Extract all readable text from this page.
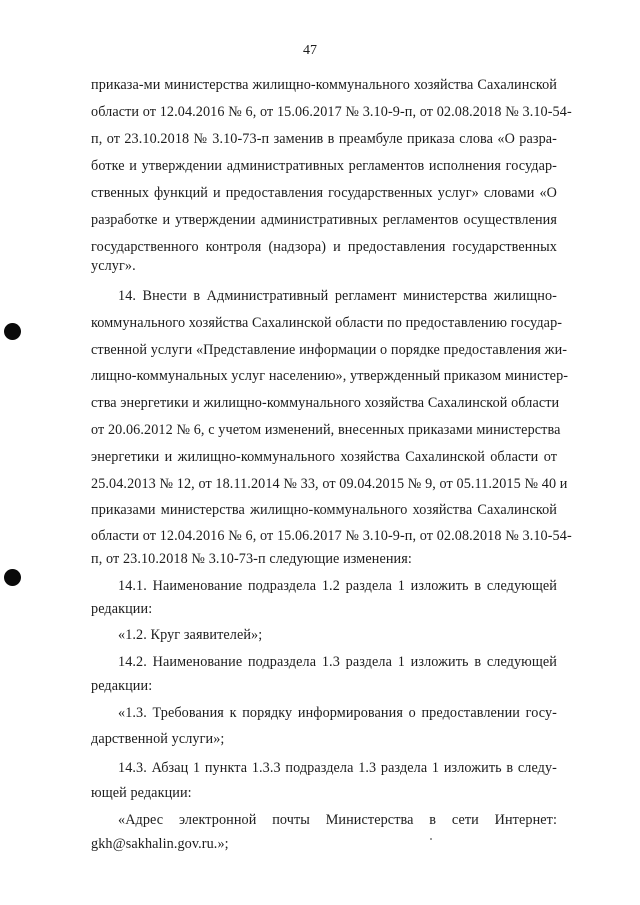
47
приказа-ми министерства жилищно-коммунального хозяйства Сахалинской
области от 12.04.2016 № 6, от 15.06.2017 № 3.10-9-п, от 02.08.2018 № 3.10-54-
п, от 23.10.2018 № 3.10-73-п заменив в преамбуле приказа слова «О разра-
ботке и утверждении административных регламентов исполнения государ-
ственных функций и предоставления государственных услуг» словами «О
разработке и утверждении административных регламентов осуществления
государственного контроля (надзора) и предоставления государственных
услуг».
14. Внести в Административный регламент министерства жилищно-
коммунального хозяйства Сахалинской области по предоставлению государ-
ственной услуги «Представление информации о порядке предоставления жи-
лищно-коммунальных услуг населению», утвержденный приказом министер-
ства энергетики и жилищно-коммунального хозяйства Сахалинской области
от 20.06.2012 № 6, с учетом изменений, внесенных приказами министерства
энергетики и жилищно-коммунального хозяйства Сахалинской области от
25.04.2013 № 12, от 18.11.2014 № 33, от 09.04.2015 № 9, от 05.11.2015 № 40 и
приказами министерства жилищно-коммунального хозяйства Сахалинской
области от 12.04.2016 № 6, от 15.06.2017 № 3.10-9-п, от 02.08.2018 № 3.10-54-
п, от 23.10.2018 № 3.10-73-п следующие изменения:
14.1. Наименование подраздела 1.2 раздела 1 изложить в следующей
редакции:
«1.2. Круг заявителей»;
14.2. Наименование подраздела 1.3 раздела 1 изложить в следующей
редакции:
«1.3. Требования к порядку информирования о предоставлении госу-
дарственной услуги»;
14.3. Абзац 1 пункта 1.3.3 подраздела 1.3 раздела 1 изложить в следу-
ющей редакции:
«Адрес электронной почты Министерства в сети Интернет:
gkh@sakhalin.gov.ru.»;
